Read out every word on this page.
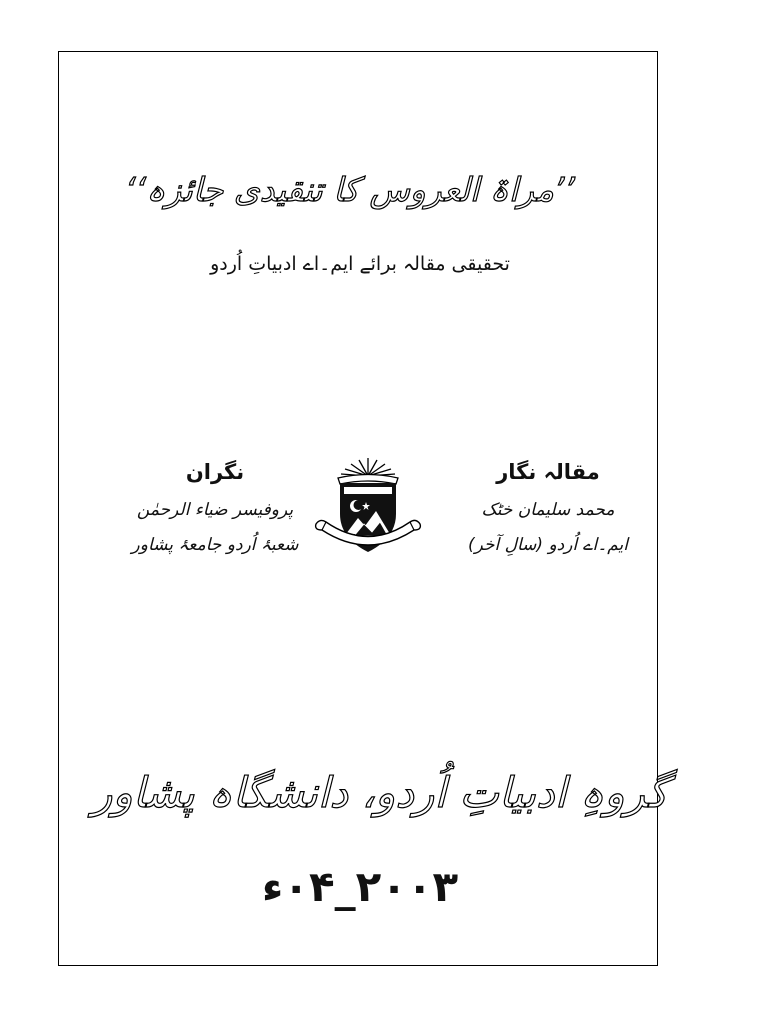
’’مراۃ العروس کا تنقیدی جائزہ‘‘
تحقیقی مقالہ برائے ایم۔اے ادبیاتِ اُردو
مقالہ نگار
محمد سلیمان خٹک
ایم۔اے اُردو (سالِ آخر)
نگران
پروفیسر ضیاء الرحمٰن
شعبۂ اُردو جامعۂ پشاور
گروہِ ادبیاتِ اُردو، دانشگاہ پشاور
۲۰۰۳_۰۴ء
